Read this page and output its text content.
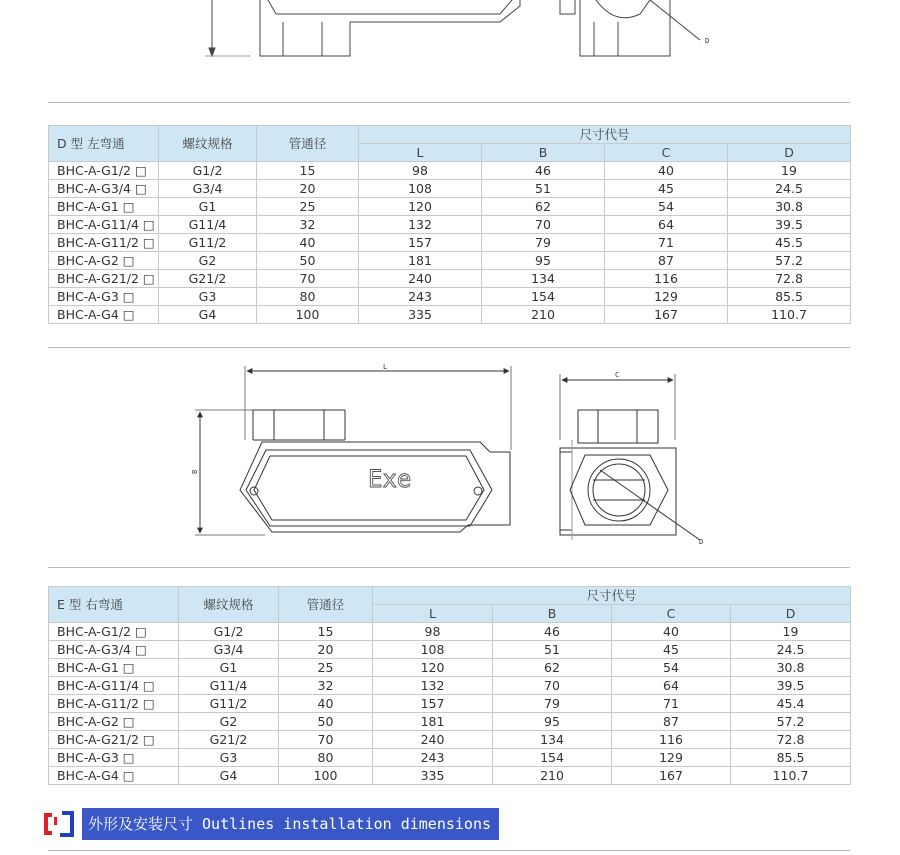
D
D 型 左弯通	螺纹规格	管通径	尺寸代号			
			L	B	C	D
BHC-A-G1/2 □	G1/2	15	98	46	40	19
BHC-A-G3/4 □	G3/4	20	108	51	45	24.5
BHC-A-G1 □	G1	25	120	62	54	30.8
BHC-A-G11/4 □	G11/4	32	132	70	64	39.5
BHC-A-G11/2 □	G11/2	40	157	79	71	45.5
BHC-A-G2 □	G2	50	181	95	87	57.2
BHC-A-G21/2 □	G21/2	70	240	134	116	72.8
BHC-A-G3 □	G3	80	243	154	129	85.5
BHC-A-G4 □	G4	100	335	210	167	110.7
L
B	Exe
C
D
E 型 右弯通	螺纹规格	管通径	尺寸代号			
			L	B	C	D
BHC-A-G1/2 □	G1/2	15	98	46	40	19
BHC-A-G3/4 □	G3/4	20	108	51	45	24.5
BHC-A-G1 □	G1	25	120	62	54	30.8
BHC-A-G11/4 □	G11/4	32	132	70	64	39.5
BHC-A-G11/2 □	G11/2	40	157	79	71	45.4
BHC-A-G2 □	G2	50	181	95	87	57.2
BHC-A-G21/2 □	G21/2	70	240	134	116	72.8
BHC-A-G3 □	G3	80	243	154	129	85.5
BHC-A-G4 □	G4	100	335	210	167	110.7
外形及安装尺寸 Outlines installation dimensions
